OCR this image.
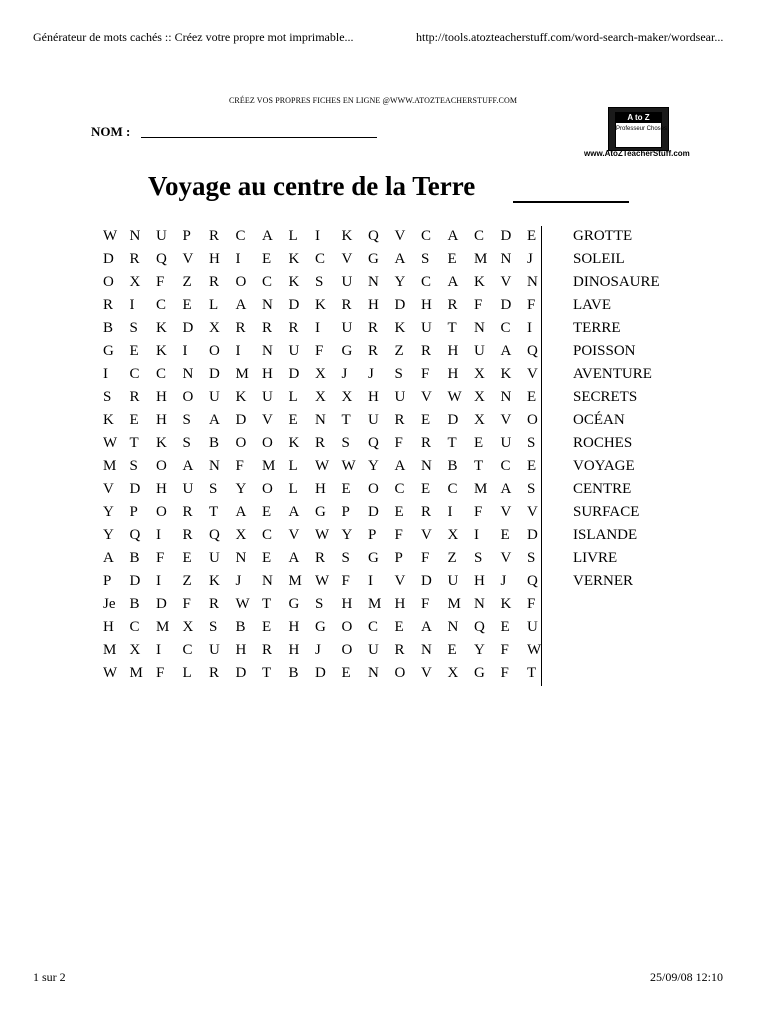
Générateur de mots cachés :: Créez votre propre mot imprimable...	http://tools.atozteacherstuff.com/word-search-maker/wordsear...
CRÉEZ VOS PROPRES FICHES EN LIGNE @WWW.ATOZTEACHERSTUFF.COM
NOM :
A to Z
Professeur Choses
www.AtoZTeacherStuff.com
Voyage au centre de la Terre
W N U P R C A L I K Q V C A C D E
D R Q V H I E K C V G A S E M N J
O X F Z R O C K S U N Y C A K V N
R I C E L A N D K R H D H R F D F
B S K D X R R R I U R K U T N C I
G E K I O I N U F G R Z R H U A Q
I C C N D M H D X J J S F H X K V
S R H O U K U L X X H U V W X N E
K E H S A D V E N T U R E D X V O
W T K S B O O K R S Q F R T E U S
M S O A N F M L W W Y A N B T C E
V D H U S Y O L H E O C E C M A S
Y P O R T A E A G P D E R I F V V
Y Q I R Q X C V W Y P F V X I E D
A B F E U N E A R S G P F Z S V S
P D I Z K J N M W F I V D U H J Q
Je B D F R W T G S H M H F M N K F
H C M X S B E H G O C E A N Q E U
M X I C U H R H J O U R N E Y F W
W M F L R D T B D E N O V X G F T
GROTTE
SOLEIL
DINOSAURE
LAVE
TERRE
POISSON
AVENTURE
SECRETS
OCÉAN
ROCHES
VOYAGE
CENTRE
SURFACE
ISLANDE
LIVRE
VERNER
1 sur 2	25/09/08 12:10
